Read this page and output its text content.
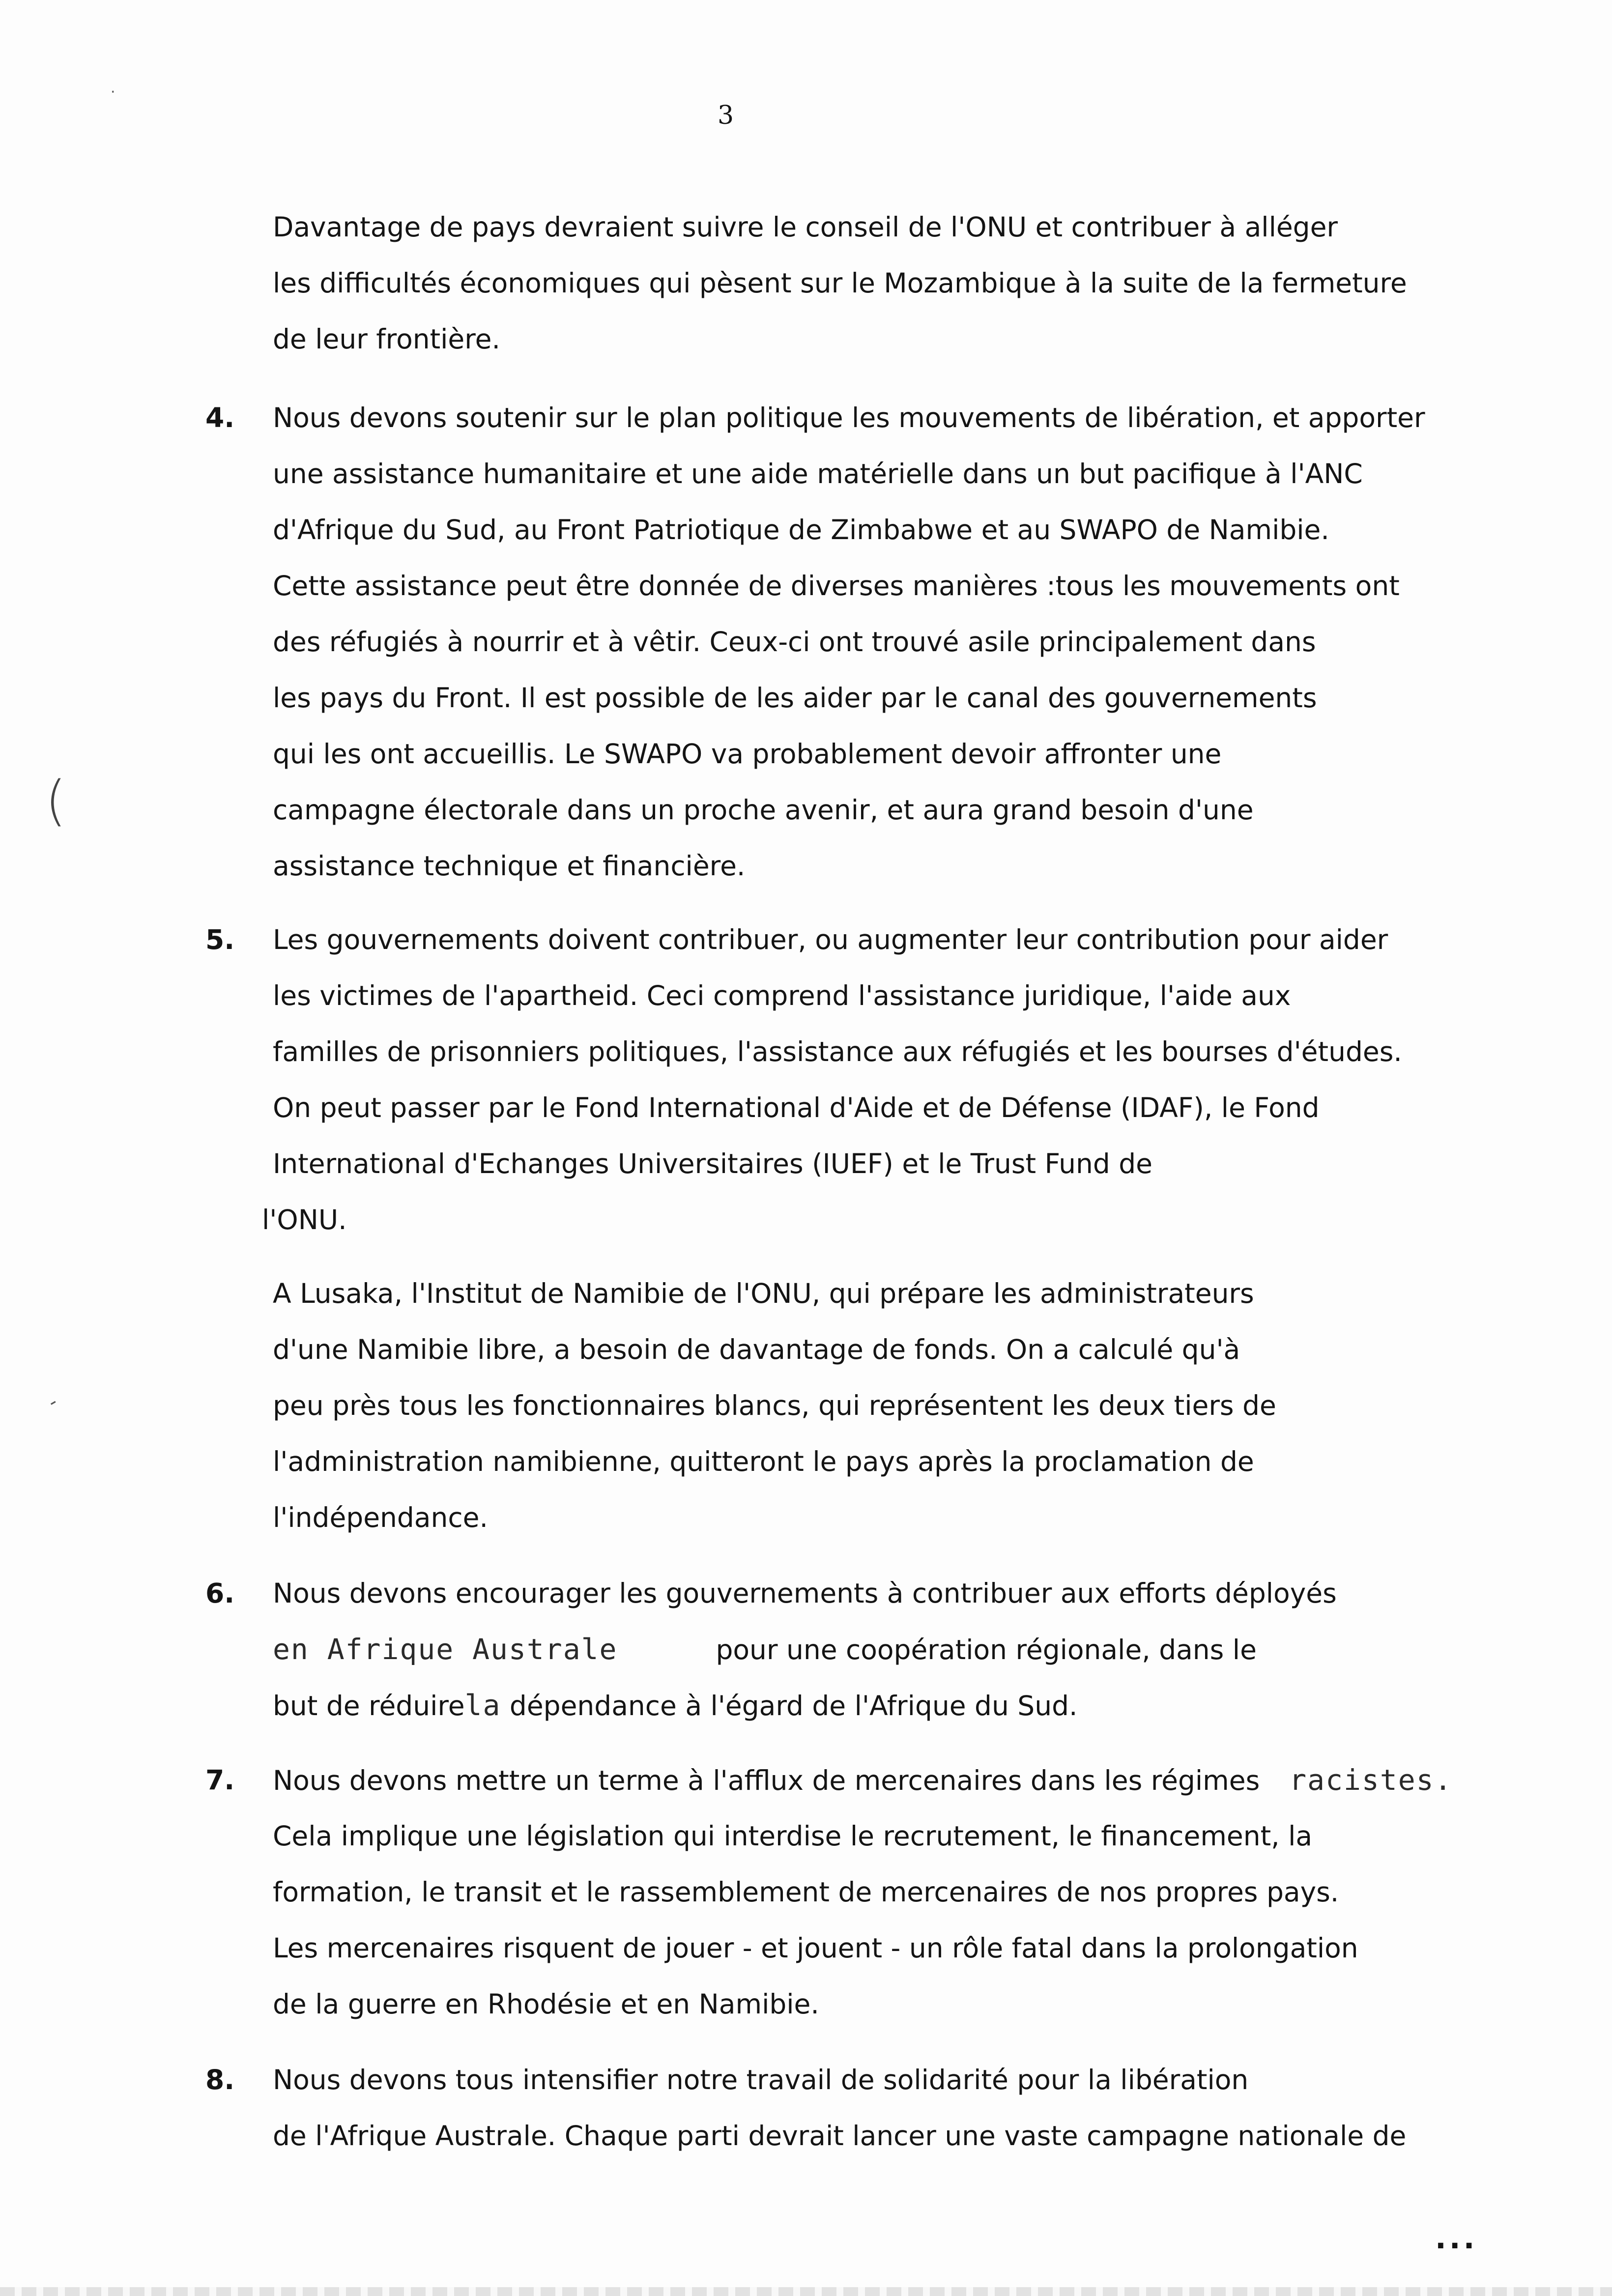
3
·
(
-
Davantage de pays devraient suivre le conseil de l'ONU et contribuer à alléger
les difficultés économiques qui pèsent sur le Mozambique à la suite de la fermeture
de leur frontière.
4. Nous devons soutenir sur le plan politique les mouvements de libération, et apporter
une assistance humanitaire et une aide matérielle dans un but pacifique à l'ANC
d'Afrique du Sud, au Front Patriotique de Zimbabwe et au SWAPO de Namibie.
Cette assistance peut être donnée de diverses manières :tous les mouvements ont
des réfugiés à nourrir et à vêtir. Ceux-ci ont trouvé asile principalement dans
les pays du Front. Il est possible de les aider par le canal des gouvernements
qui les ont accueillis. Le SWAPO va probablement devoir affronter une
campagne électorale dans un proche avenir, et aura grand besoin d'une
assistance technique et financière.
5. Les gouvernements doivent contribuer, ou augmenter leur contribution pour aider
les victimes de l'apartheid. Ceci comprend l'assistance juridique, l'aide aux
familles de prisonniers politiques, l'assistance aux réfugiés et les bourses d'études.
On peut passer par le Fond International d'Aide et de Défense (IDAF), le Fond
International d'Echanges Universitaires (IUEF) et le Trust Fund de
l'ONU.
A Lusaka, l'Institut de Namibie de l'ONU, qui prépare les administrateurs
d'une Namibie libre, a besoin de davantage de fonds. On a calculé qu'à
peu près tous les fonctionnaires blancs, qui représentent les deux tiers de
l'administration namibienne, quitteront le pays après la proclamation de
l'indépendance.
6. Nous devons encourager les gouvernements à contribuer aux efforts déployés
en Afrique Australe	pour une coopération régionale, dans le
but de réduirela dépendance à l'égard de l'Afrique du Sud.
7. Nous devons mettre un terme à l'afflux de mercenaires dans les régimes racistes.
Cela implique une législation qui interdise le recrutement, le financement, la
formation, le transit et le rassemblement de mercenaires de nos propres pays.
Les mercenaires risquent de jouer - et jouent - un rôle fatal dans la prolongation
de la guerre en Rhodésie et en Namibie.
8. Nous devons tous intensifier notre travail de solidarité pour la libération
de l'Afrique Australe. Chaque parti devrait lancer une vaste campagne nationale de
...
